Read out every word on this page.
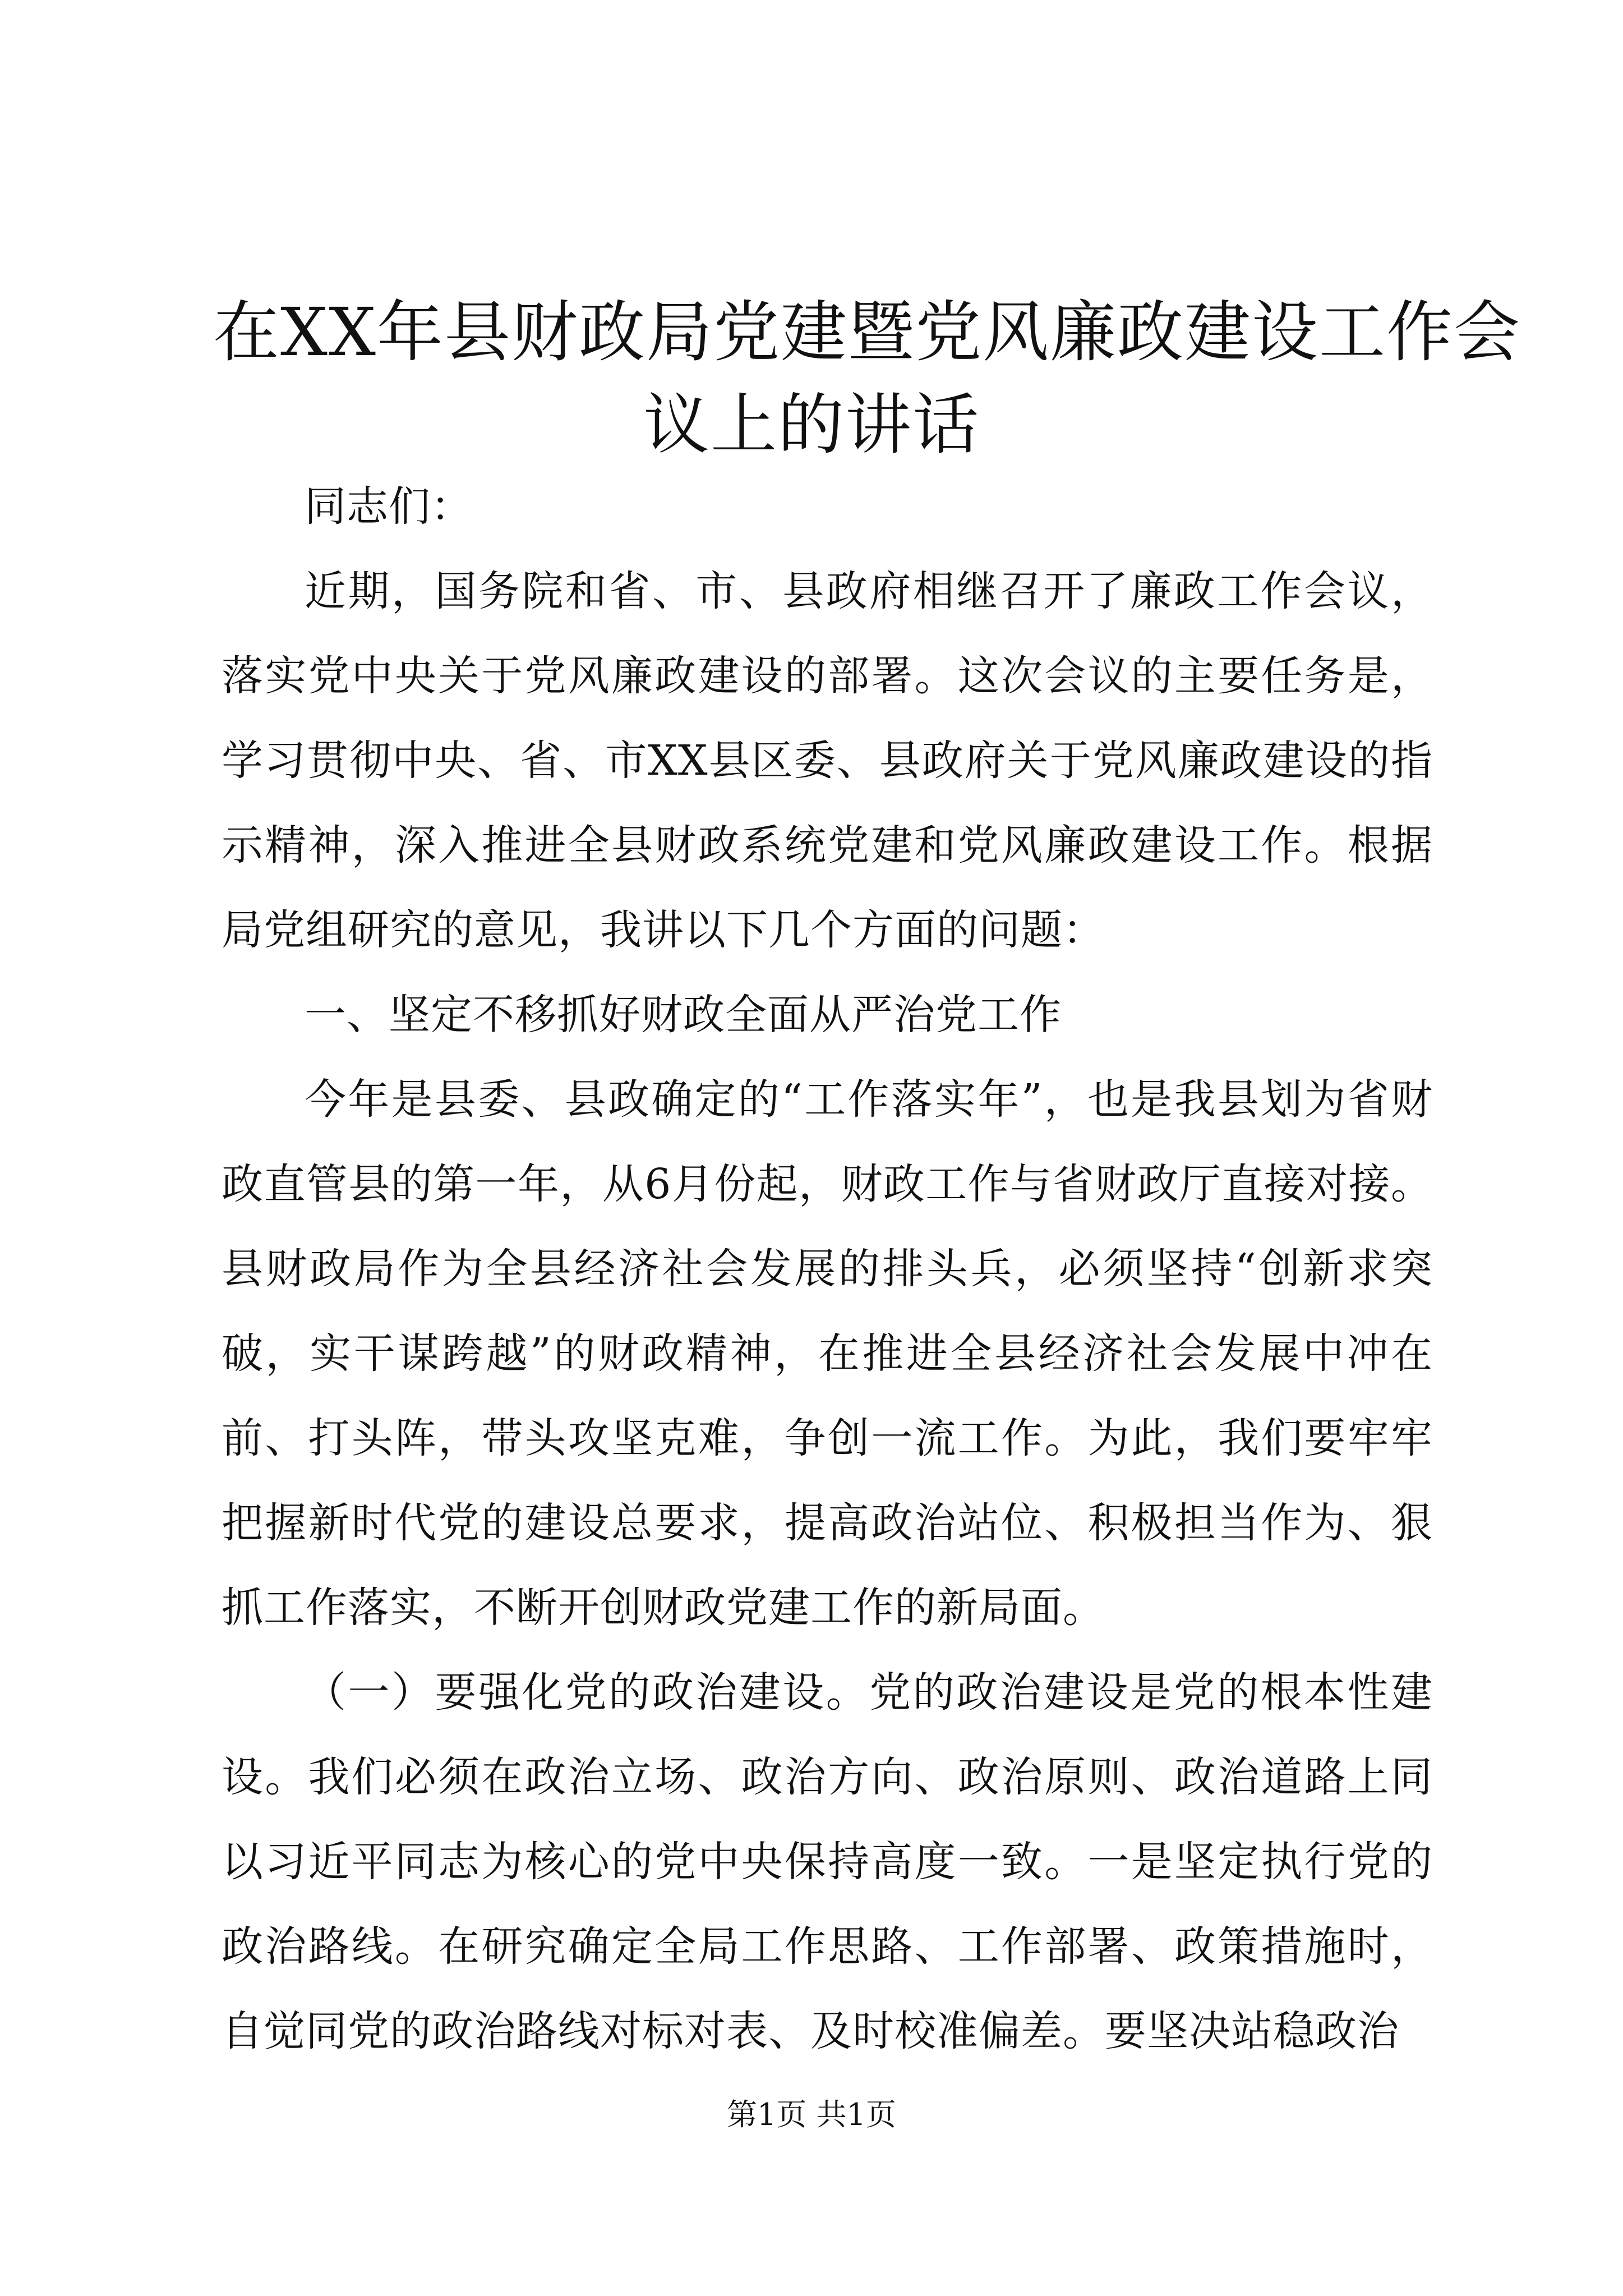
在XX年县财政局党建暨党风廉政建设工作会
议上的讲话

同志们：

近期，国务院和省、市、县政府相继召开了廉政工作会议，落实党中央关于党风廉政建设的部署。这次会议的主要任务是，学习贯彻中央、省、市XX县区委、县政府关于党风廉政建设的指示精神，深入推进全县财政系统党建和党风廉政建设工作。根据局党组研究的意见，我讲以下几个方面的问题：

一、坚定不移抓好财政全面从严治党工作

今年是县委、县政确定的“工作落实年”，也是我县划为省财政直管县的第一年，从6月份起，财政工作与省财政厅直接对接。县财政局作为全县经济社会发展的排头兵，必须坚持“创新求突破，实干谋跨越”的财政精神，在推进全县经济社会发展中冲在前、打头阵，带头攻坚克难，争创一流工作。为此，我们要牢牢把握新时代党的建设总要求，提高政治站位、积极担当作为、狠抓工作落实，不断开创财政党建工作的新局面。

（一）要强化党的政治建设。党的政治建设是党的根本性建设。我们必须在政治立场、政治方向、政治原则、政治道路上同以习近平同志为核心的党中央保持高度一致。一是坚定执行党的政治路线。在研究确定全局工作思路、工作部署、政策措施时，自觉同党的政治路线对标对表、及时校准偏差。要坚决站稳政治

第1页 共1页
